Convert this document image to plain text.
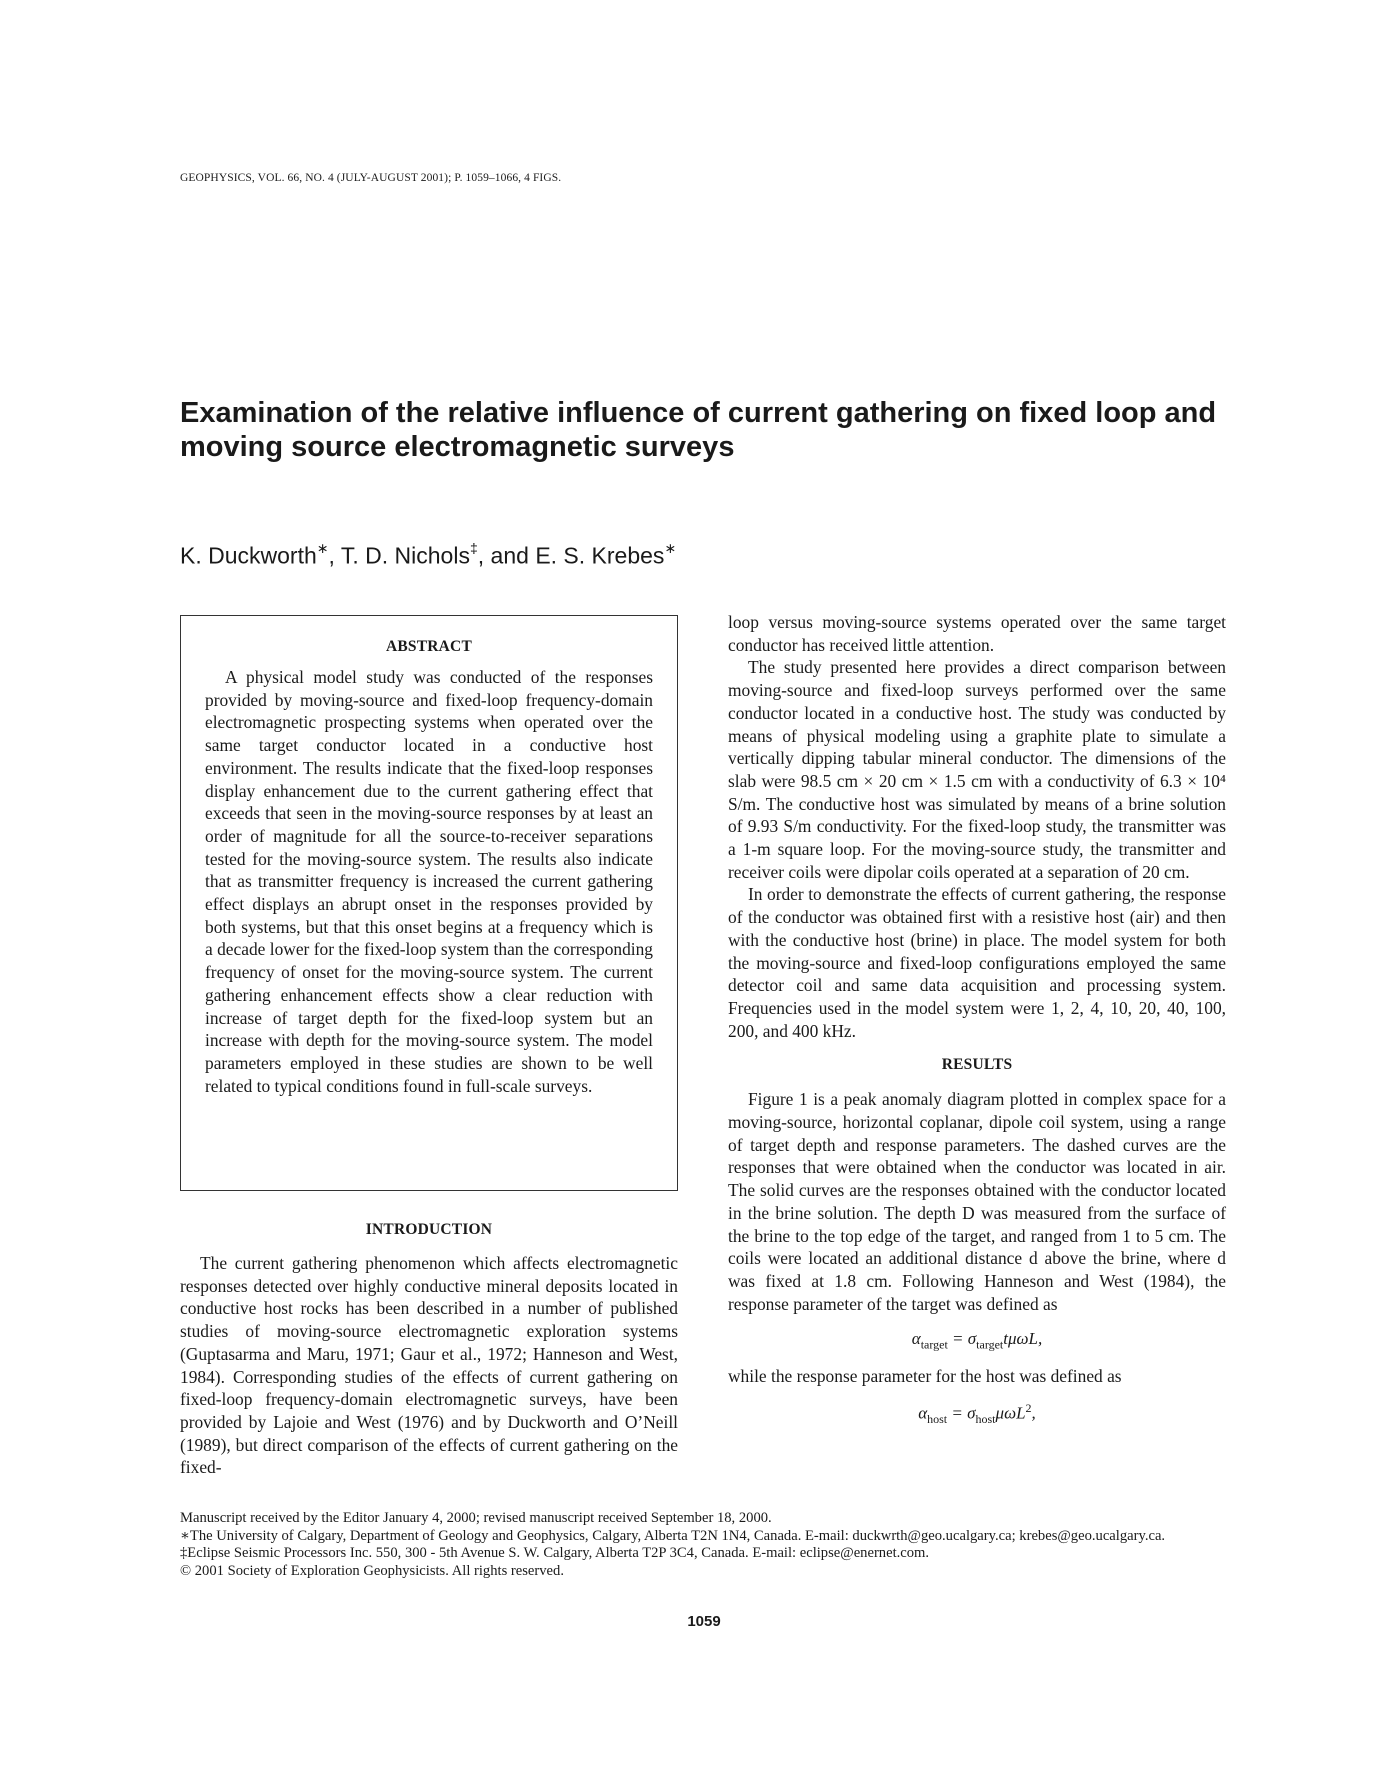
GEOPHYSICS, VOL. 66, NO. 4 (JULY-AUGUST 2001); P. 1059–1066, 4 FIGS.
Examination of the relative influence of current gathering on fixed loop and moving source electromagnetic surveys
K. Duckworth∗, T. D. Nichols‡, and E. S. Krebes∗
ABSTRACT

A physical model study was conducted of the responses provided by moving-source and fixed-loop frequency-domain electromagnetic prospecting systems when operated over the same target conductor located in a conductive host environment. The results indicate that the fixed-loop responses display enhancement due to the current gathering effect that exceeds that seen in the moving-source responses by at least an order of magnitude for all the source-to-receiver separations tested for the moving-source system. The results also indicate that as transmitter frequency is increased the current gathering effect displays an abrupt onset in the responses provided by both systems, but that this onset begins at a frequency which is a decade lower for the fixed-loop system than the corresponding frequency of onset for the moving-source system. The current gathering enhancement effects show a clear reduction with increase of target depth for the fixed-loop system but an increase with depth for the moving-source system. The model parameters employed in these studies are shown to be well related to typical conditions found in full-scale surveys.

INTRODUCTION

The current gathering phenomenon which affects electromagnetic responses detected over highly conductive mineral deposits located in conductive host rocks has been described in a number of published studies of moving-source electromagnetic exploration systems (Guptasarma and Maru, 1971; Gaur et al., 1972; Hanneson and West, 1984). Corresponding studies of the effects of current gathering on fixed-loop frequency-domain electromagnetic surveys, have been provided by Lajoie and West (1976) and by Duckworth and O’Neill (1989), but direct comparison of the effects of current gathering on the fixed-

loop versus moving-source systems operated over the same target conductor has received little attention.

The study presented here provides a direct comparison between moving-source and fixed-loop surveys performed over the same conductor located in a conductive host. The study was conducted by means of physical modeling using a graphite plate to simulate a vertically dipping tabular mineral conductor. The dimensions of the slab were 98.5 cm × 20 cm × 1.5 cm with a conductivity of 6.3 × 10⁴ S/m. The conductive host was simulated by means of a brine solution of 9.93 S/m conductivity. For the fixed-loop study, the transmitter was a 1-m square loop. For the moving-source study, the transmitter and receiver coils were dipolar coils operated at a separation of 20 cm.

In order to demonstrate the effects of current gathering, the response of the conductor was obtained first with a resistive host (air) and then with the conductive host (brine) in place. The model system for both the moving-source and fixed-loop configurations employed the same detector coil and same data acquisition and processing system. Frequencies used in the model system were 1, 2, 4, 10, 20, 40, 100, 200, and 400 kHz.

RESULTS

Figure 1 is a peak anomaly diagram plotted in complex space for a moving-source, horizontal coplanar, dipole coil system, using a range of target depth and response parameters. The dashed curves are the responses that were obtained when the conductor was located in air. The solid curves are the responses obtained with the conductor located in the brine solution. The depth D was measured from the surface of the brine to the top edge of the target, and ranged from 1 to 5 cm. The coils were located an additional distance d above the brine, where d was fixed at 1.8 cm. Following Hanneson and West (1984), the response parameter of the target was defined as

$\alpha_{target} = \sigma_{target}t\mu\omega L$,

while the response parameter for the host was defined as

$\alpha_{host} = \sigma_{host}\mu\omega L^2$,
Manuscript received by the Editor January 4, 2000; revised manuscript received September 18, 2000.
∗The University of Calgary, Department of Geology and Geophysics, Calgary, Alberta T2N 1N4, Canada. E-mail: duckwrth@geo.ucalgary.ca; krebes@geo.ucalgary.ca.
‡Eclipse Seismic Processors Inc. 550, 300 - 5th Avenue S. W. Calgary, Alberta T2P 3C4, Canada. E-mail: eclipse@enernet.com.
© 2001 Society of Exploration Geophysicists. All rights reserved.
1059
